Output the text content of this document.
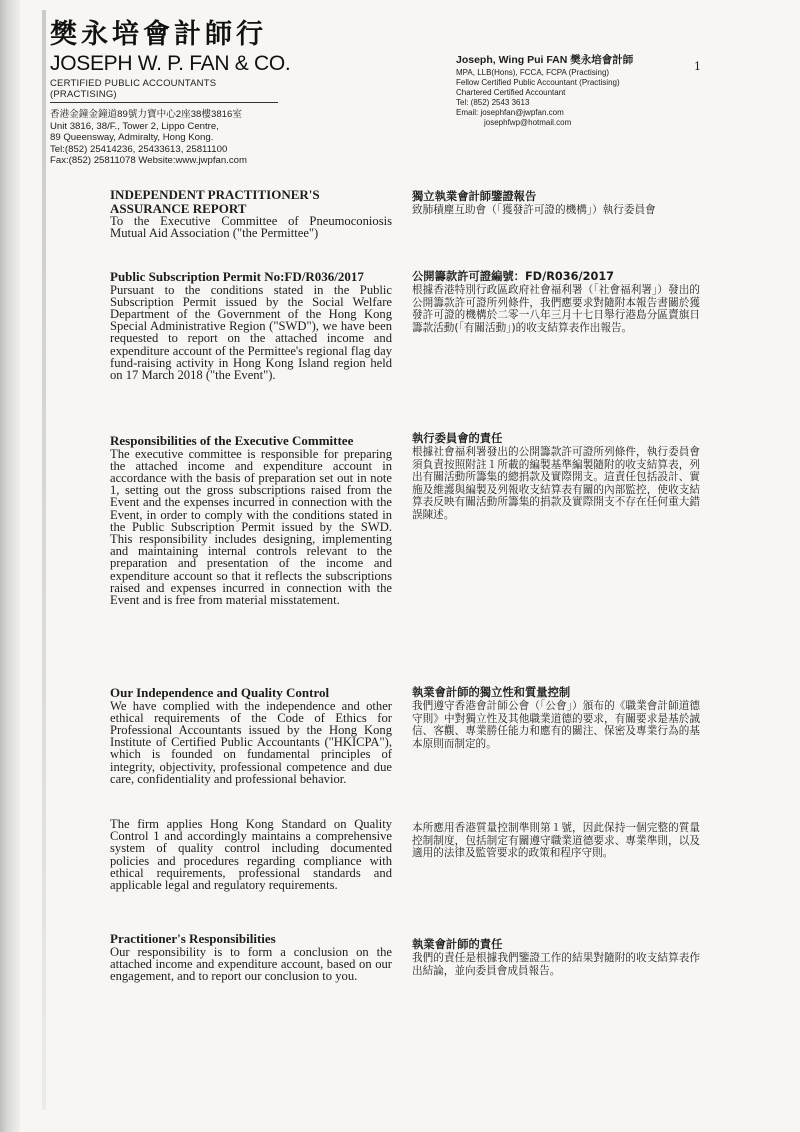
樊永培會計師行

JOSEPH W. P. FAN & CO.

CERTIFIED PUBLIC ACCOUNTANTS (PRACTISING)

香港金鐘金鐘道89號力寶中心2座38樓3816室
Unit 3816, 38/F., Tower 2, Lippo Centre,
89 Queensway, Admiralty, Hong Kong.
Tel:(852) 25414236, 25433613, 25811100
Fax:(852) 25811078 Website:www.jwpfan.com
Joseph, Wing Pui FAN 樊永培會計師
MPA, LLB(Hons), FCCA, FCPA (Practising)
Fellow Certified Public Accountant (Practising)
Chartered Certified Accountant
Tel: (852) 2543 3613
Email: josephfan@jwpfan.com
josephfwp@hotmail.com
1

INDEPENDENT PRACTITIONER'S ASSURANCE REPORT

To the Executive Committee of Pneumoconiosis Mutual Aid Association ("the Permittee")

Public Subscription Permit No:FD/R036/2017

Pursuant to the conditions stated in the Public Subscription Permit issued by the Social Welfare Department of the Government of the Hong Kong Special Administrative Region ("SWD"), we have been requested to report on the attached income and expenditure account of the Permittee's regional flag day fund-raising activity in Hong Kong Island region held on 17 March 2018 ("the Event").

Responsibilities of the Executive Committee

The executive committee is responsible for preparing the attached income and expenditure account in accordance with the basis of preparation set out in note 1, setting out the gross subscriptions raised from the Event and the expenses incurred in connection with the Event, in order to comply with the conditions stated in the Public Subscription Permit issued by the SWD. This responsibility includes designing, implementing and maintaining internal controls relevant to the preparation and presentation of the income and expenditure account so that it reflects the subscriptions raised and expenses incurred in connection with the Event and is free from material misstatement.

Our Independence and Quality Control

We have complied with the independence and other ethical requirements of the Code of Ethics for Professional Accountants issued by the Hong Kong Institute of Certified Public Accountants ("HKICPA"), which is founded on fundamental principles of integrity, objectivity, professional competence and due care, confidentiality and professional behavior.

The firm applies Hong Kong Standard on Quality Control 1 and accordingly maintains a comprehensive system of quality control including documented policies and procedures regarding compliance with ethical requirements, professional standards and applicable legal and regulatory requirements.

Practitioner's Responsibilities

Our responsibility is to form a conclusion on the attached income and expenditure account, based on our engagement, and to report our conclusion to you.

獨立執業會計師鑒證報告

致肺積塵互助會（「獲發許可證的機構」）執行委員會

公開籌款許可證編號：FD/R036/2017

根據香港特別行政區政府社會福利署（「社會福利署」）發出的公開籌款許可證所列條件，我們應要求對隨附本報告書關於獲發許可證的機構於二零一八年三月十七日舉行港島分區賣旗日籌款活動(「有關活動」)的收支結算表作出報告。

執行委員會的責任

根據社會福利署發出的公開籌款許可證所列條件，執行委員會須負責按照附註１所載的編製基準編製隨附的收支結算表，列出有關活動所籌集的總捐款及實際開支。這責任包括設計、實施及維護與編製及列報收支結算表有關的內部監控，使收支結算表反映有關活動所籌集的捐款及實際開支不存在任何重大錯誤陳述。

執業會計師的獨立性和質量控制

我們遵守香港會計師公會（「公會」）頒布的《職業會計師道德守則》中對獨立性及其他職業道德的要求，有關要求是基於誠信、客觀、專業勝任能力和應有的關注、保密及專業行為的基本原則而制定的。

本所應用香港質量控制準則第１號，因此保持一個完整的質量控制制度，包括制定有關遵守職業道德要求、專業準則，以及適用的法律及監管要求的政策和程序守則。

執業會計師的責任

我們的責任是根據我們鑒證工作的結果對隨附的收支結算表作出結論，並向委員會成員報告。
